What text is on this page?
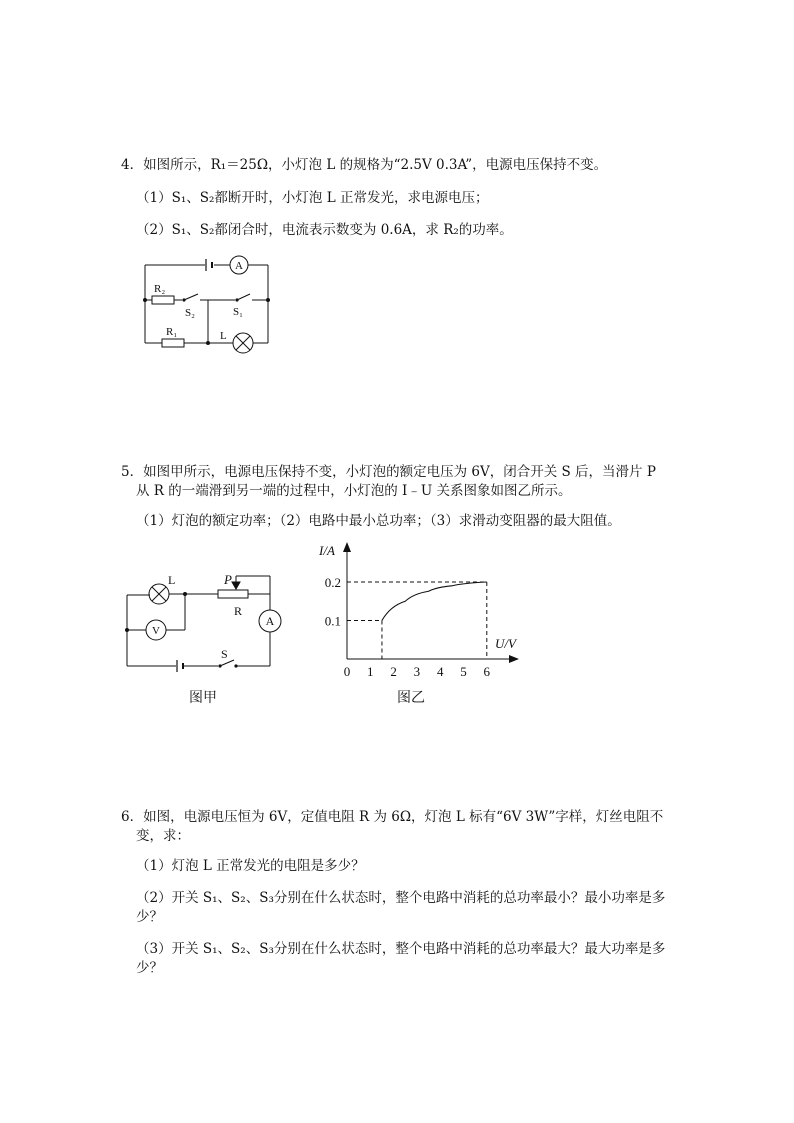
4．如图所示，R₁＝25Ω，小灯泡 L 的规格为“2.5V 0.3A”，电源电压保持不变。
（1）S₁、S₂都断开时，小灯泡 L 正常发光，求电源电压；
（2）S₁、S₂都闭合时，电流表示数变为 0.6A，求 R₂的功率。
A
R₂
S₂	S₁
R₁	L
5．如图甲所示，电源电压保持不变，小灯泡的额定电压为 6V，闭合开关 S 后，当滑片 P
从 R 的一端滑到另一端的过程中，小灯泡的 I﹣U 关系图象如图乙所示。
（1）灯泡的额定功率；（2）电路中最小总功率；（3）求滑动变阻器的最大阻值。
L	P
R
A
V
S
图甲
I/A
U/V
0 1 2 3 4 5 6
0.1
0.2
图乙
6．如图，电源电压恒为 6V，定值电阻 R 为 6Ω，灯泡 L 标有“6V 3W”字样，灯丝电阻不
变，求：
（1）灯泡 L 正常发光的电阻是多少？
（2）开关 S₁、S₂、S₃分别在什么状态时，整个电路中消耗的总功率最小？最小功率是多
少？
（3）开关 S₁、S₂、S₃分别在什么状态时，整个电路中消耗的总功率最大？最大功率是多
少？
